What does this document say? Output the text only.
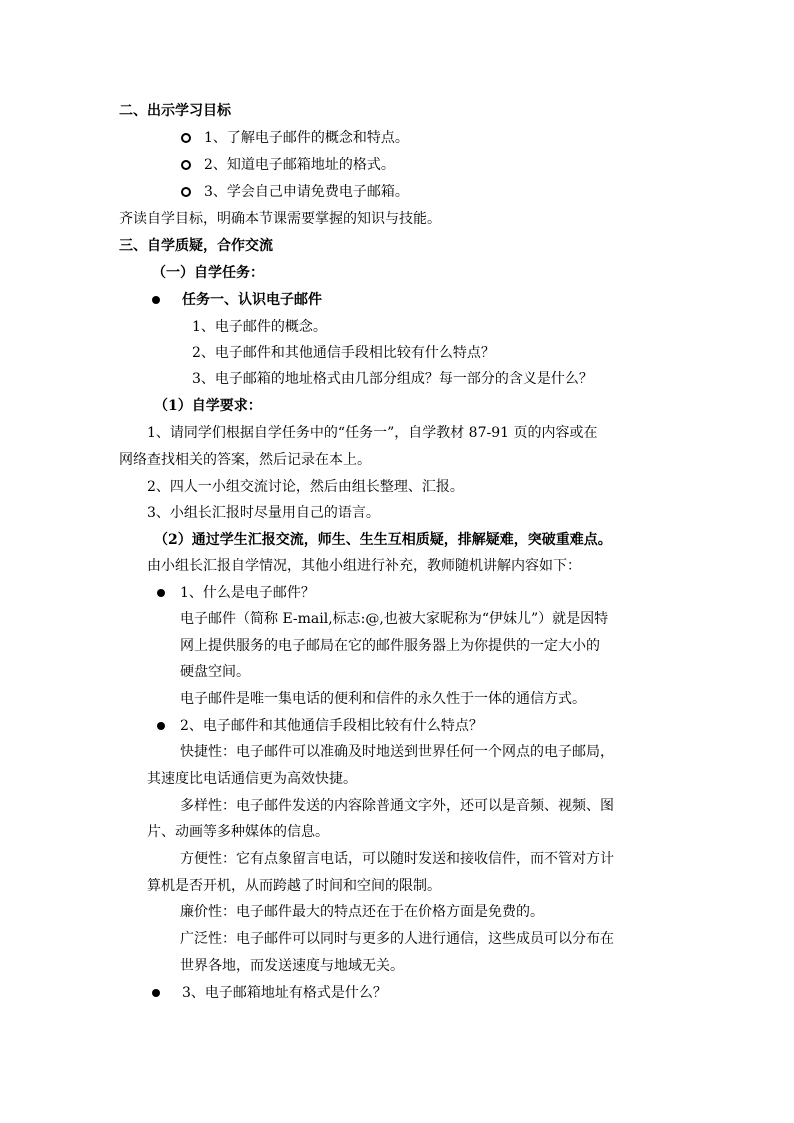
二、出示学习目标
1、了解电子邮件的概念和特点。
2、知道电子邮箱地址的格式。
3、学会自己申请免费电子邮箱。
齐读自学目标，明确本节课需要掌握的知识与技能。
三、自学质疑，合作交流
（一）自学任务：
任务一、认识电子邮件
1、电子邮件的概念。
2、电子邮件和其他通信手段相比较有什么特点？
3、电子邮箱的地址格式由几部分组成？每一部分的含义是什么？
（1）自学要求：
1、请同学们根据自学任务中的“任务一”，自学教材 87-91 页的内容或在
网络查找相关的答案，然后记录在本上。
2、四人一小组交流讨论，然后由组长整理、汇报。
3、小组长汇报时尽量用自己的语言。
（2）通过学生汇报交流，师生、生生互相质疑，排解疑难，突破重难点。
由小组长汇报自学情况，其他小组进行补充，教师随机讲解内容如下：
1、什么是电子邮件？
电子邮件（简称 E-mail,标志:@,也被大家昵称为“伊妹儿”）就是因特
网上提供服务的电子邮局在它的邮件服务器上为你提供的一定大小的
硬盘空间。
电子邮件是唯一集电话的便利和信件的永久性于一体的通信方式。
2、电子邮件和其他通信手段相比较有什么特点？
快捷性：电子邮件可以准确及时地送到世界任何一个网点的电子邮局，
其速度比电话通信更为高效快捷。
多样性：电子邮件发送的内容除普通文字外，还可以是音频、视频、图
片、动画等多种媒体的信息。
方便性：它有点象留言电话，可以随时发送和接收信件，而不管对方计
算机是否开机，从而跨越了时间和空间的限制。
廉价性：电子邮件最大的特点还在于在价格方面是免费的。
广泛性：电子邮件可以同时与更多的人进行通信，这些成员可以分布在
世界各地，而发送速度与地域无关。
3、电子邮箱地址有格式是什么？
